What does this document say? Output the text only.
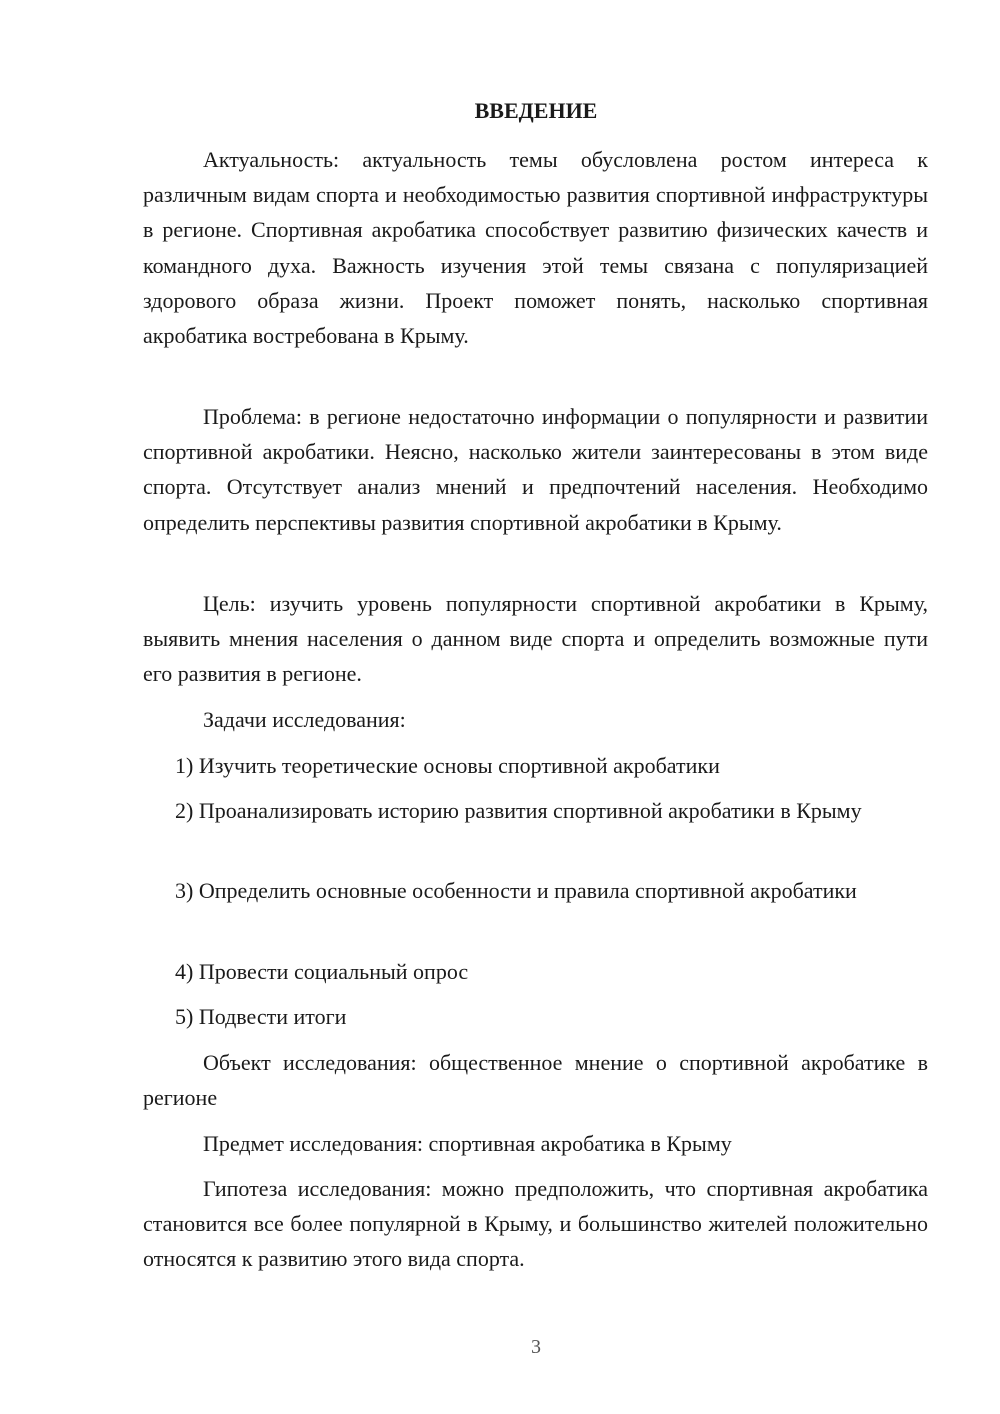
ВВЕДЕНИЕ

Актуальность: актуальность темы обусловлена ростом интереса к различным видам спорта и необходимостью развития спортивной инфраструктуры в регионе. Спортивная акробатика способствует развитию физических качеств и командного духа. Важность изучения этой темы связана с популяризацией здорового образа жизни. Проект поможет понять, насколько спортивная акробатика востребована в Крыму.

Проблема: в регионе недостаточно информации о популярности и развитии спортивной акробатики. Неясно, насколько жители заинтересованы в этом виде спорта. Отсутствует анализ мнений и предпочтений населения. Необходимо определить перспективы развития спортивной акробатики в Крыму.

Цель: изучить уровень популярности спортивной акробатики в Крыму, выявить мнения населения о данном виде спорта и определить возможные пути его развития в регионе.

Задачи исследования:

1) Изучить теоретические основы спортивной акробатики

2) Проанализировать историю развития спортивной акробатики в Крыму

3) Определить основные особенности и правила спортивной акробатики

4) Провести социальный опрос

5) Подвести итоги

Объект исследования: общественное мнение о спортивной акробатике в регионе

Предмет исследования: спортивная акробатика в Крыму

Гипотеза исследования: можно предположить, что спортивная акробатика становится все более популярной в Крыму, и большинство жителей положительно относятся к развитию этого вида спорта.

3
